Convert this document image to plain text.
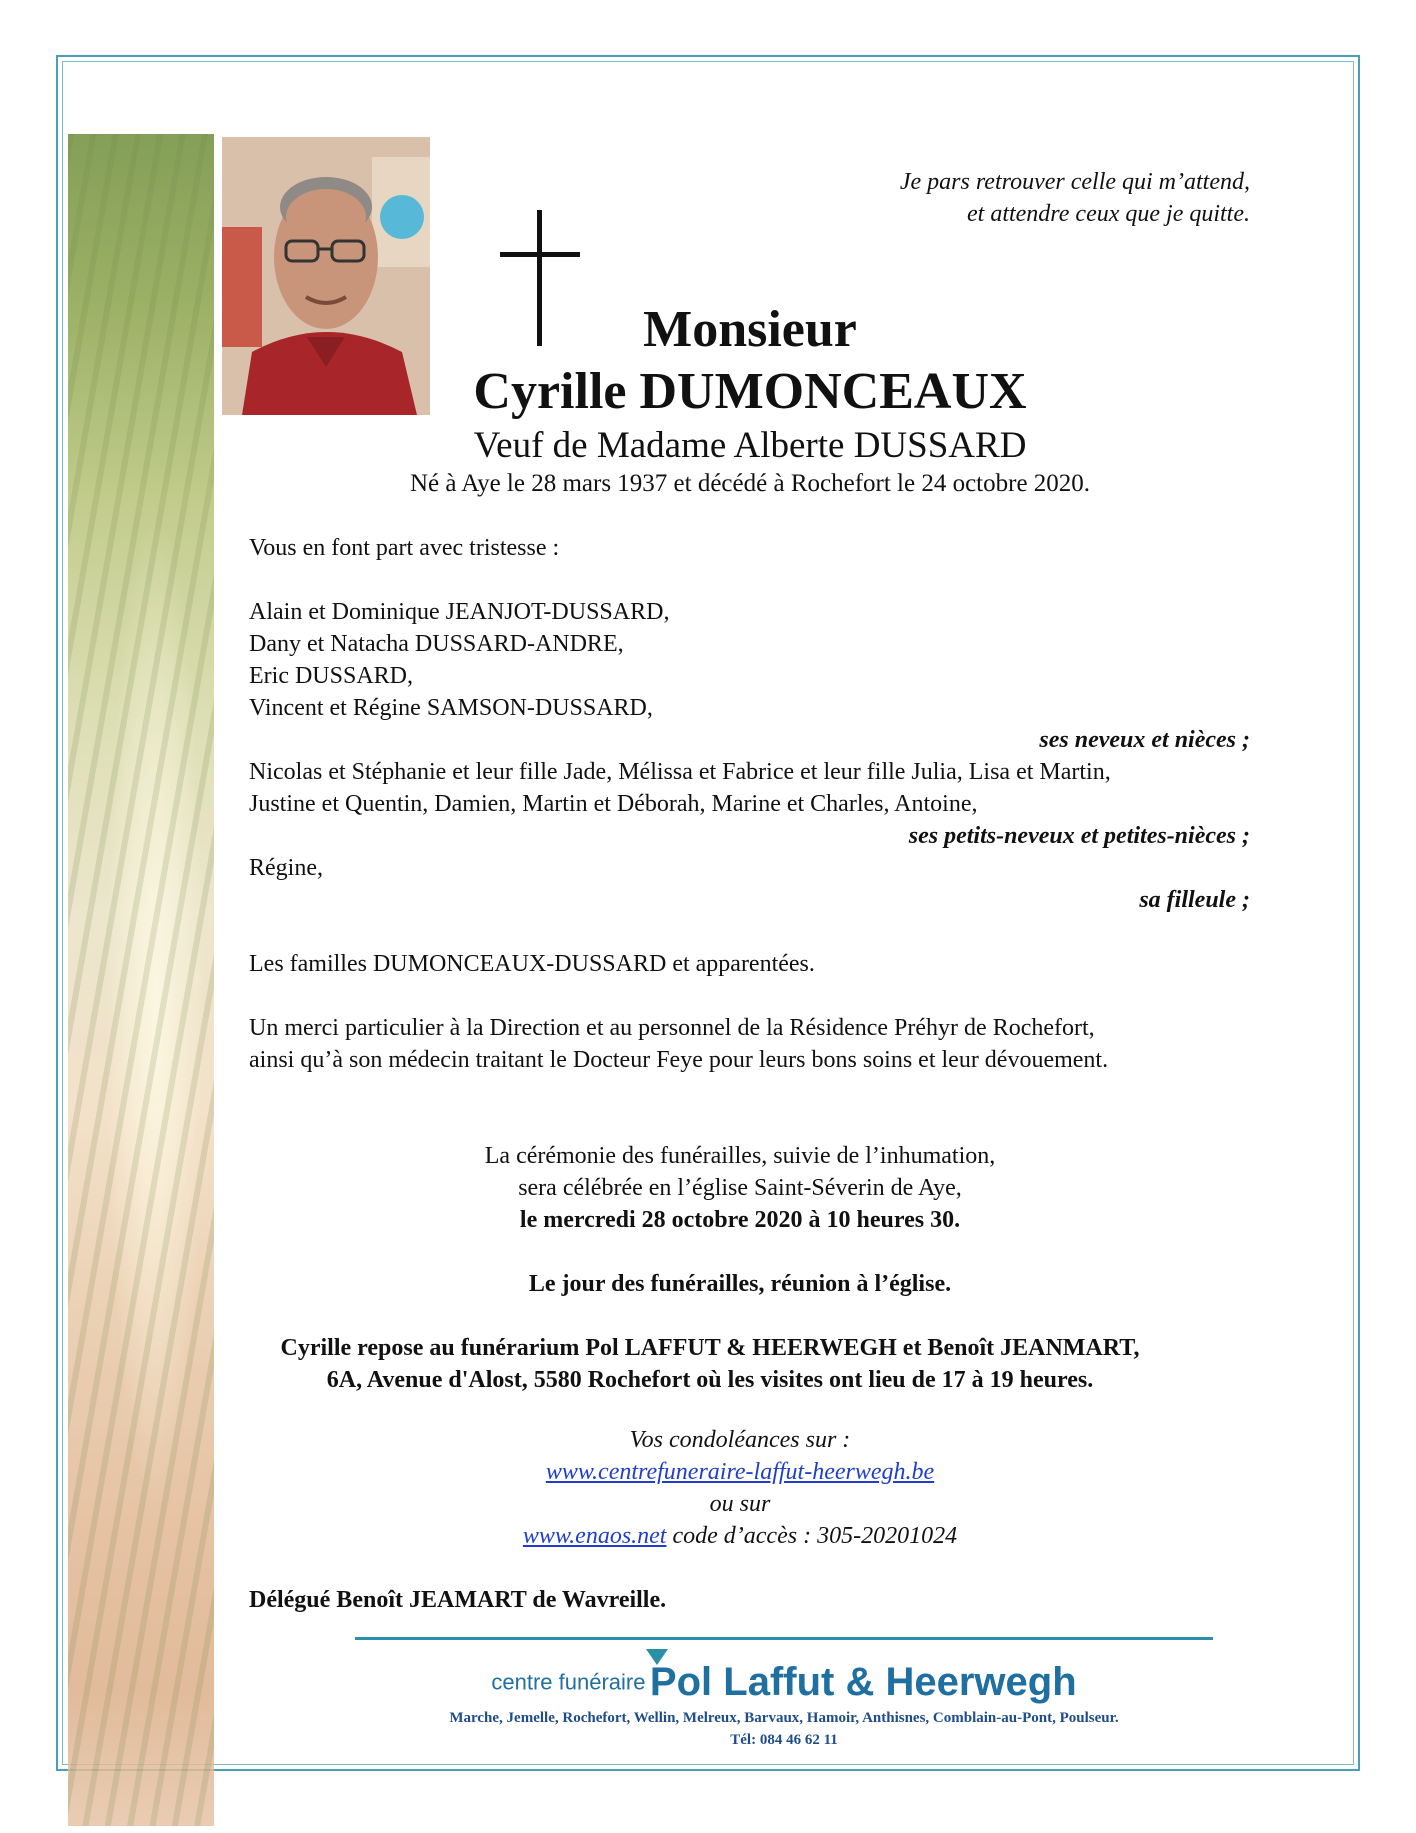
Je pars retrouver celle qui m’attend,
et attendre ceux que je quitte.
Monsieur
Cyrille DUMONCEAUX
Veuf de Madame Alberte DUSSARD
Né à Aye le 28 mars 1937 et décédé à Rochefort le 24 octobre 2020.
Vous en font part avec tristesse :
Alain et Dominique JEANJOT-DUSSARD,
Dany et Natacha DUSSARD-ANDRE,
Eric DUSSARD,
Vincent et Régine SAMSON-DUSSARD,
ses neveux et nièces ;
Nicolas et Stéphanie et leur fille Jade, Mélissa et Fabrice et leur fille Julia, Lisa et Martin,
Justine et Quentin, Damien, Martin et Déborah, Marine et Charles, Antoine,
ses petits-neveux et petites-nièces ;
Régine,
sa filleule ;
Les familles DUMONCEAUX-DUSSARD et apparentées.
Un merci particulier à la Direction et au personnel de la Résidence Préhyr de Rochefort,
ainsi qu’à son médecin traitant le Docteur Feye pour leurs bons soins et leur dévouement.
La cérémonie des funérailles, suivie de l’inhumation,
sera célébrée en l’église Saint-Séverin de Aye,
le mercredi 28 octobre 2020 à 10 heures 30.
Le jour des funérailles, réunion à l’église.
Cyrille repose au funérarium Pol LAFFUT & HEERWEGH et Benoît JEANMART,
6A, Avenue d'Alost, 5580 Rochefort où les visites ont lieu de 17 à 19 heures.
Vos condoléances sur :
www.centrefuneraire-laffut-heerwegh.be
ou sur
www.enaos.net code d’accès : 305-20201024
Délégué Benoît JEAMART de Wavreille.
centre funéraire Pol Laffut & Heerwegh
Marche, Jemelle, Rochefort, Wellin, Melreux, Barvaux, Hamoir, Anthisnes, Comblain-au-Pont, Poulseur.
Tél: 084 46 62 11
